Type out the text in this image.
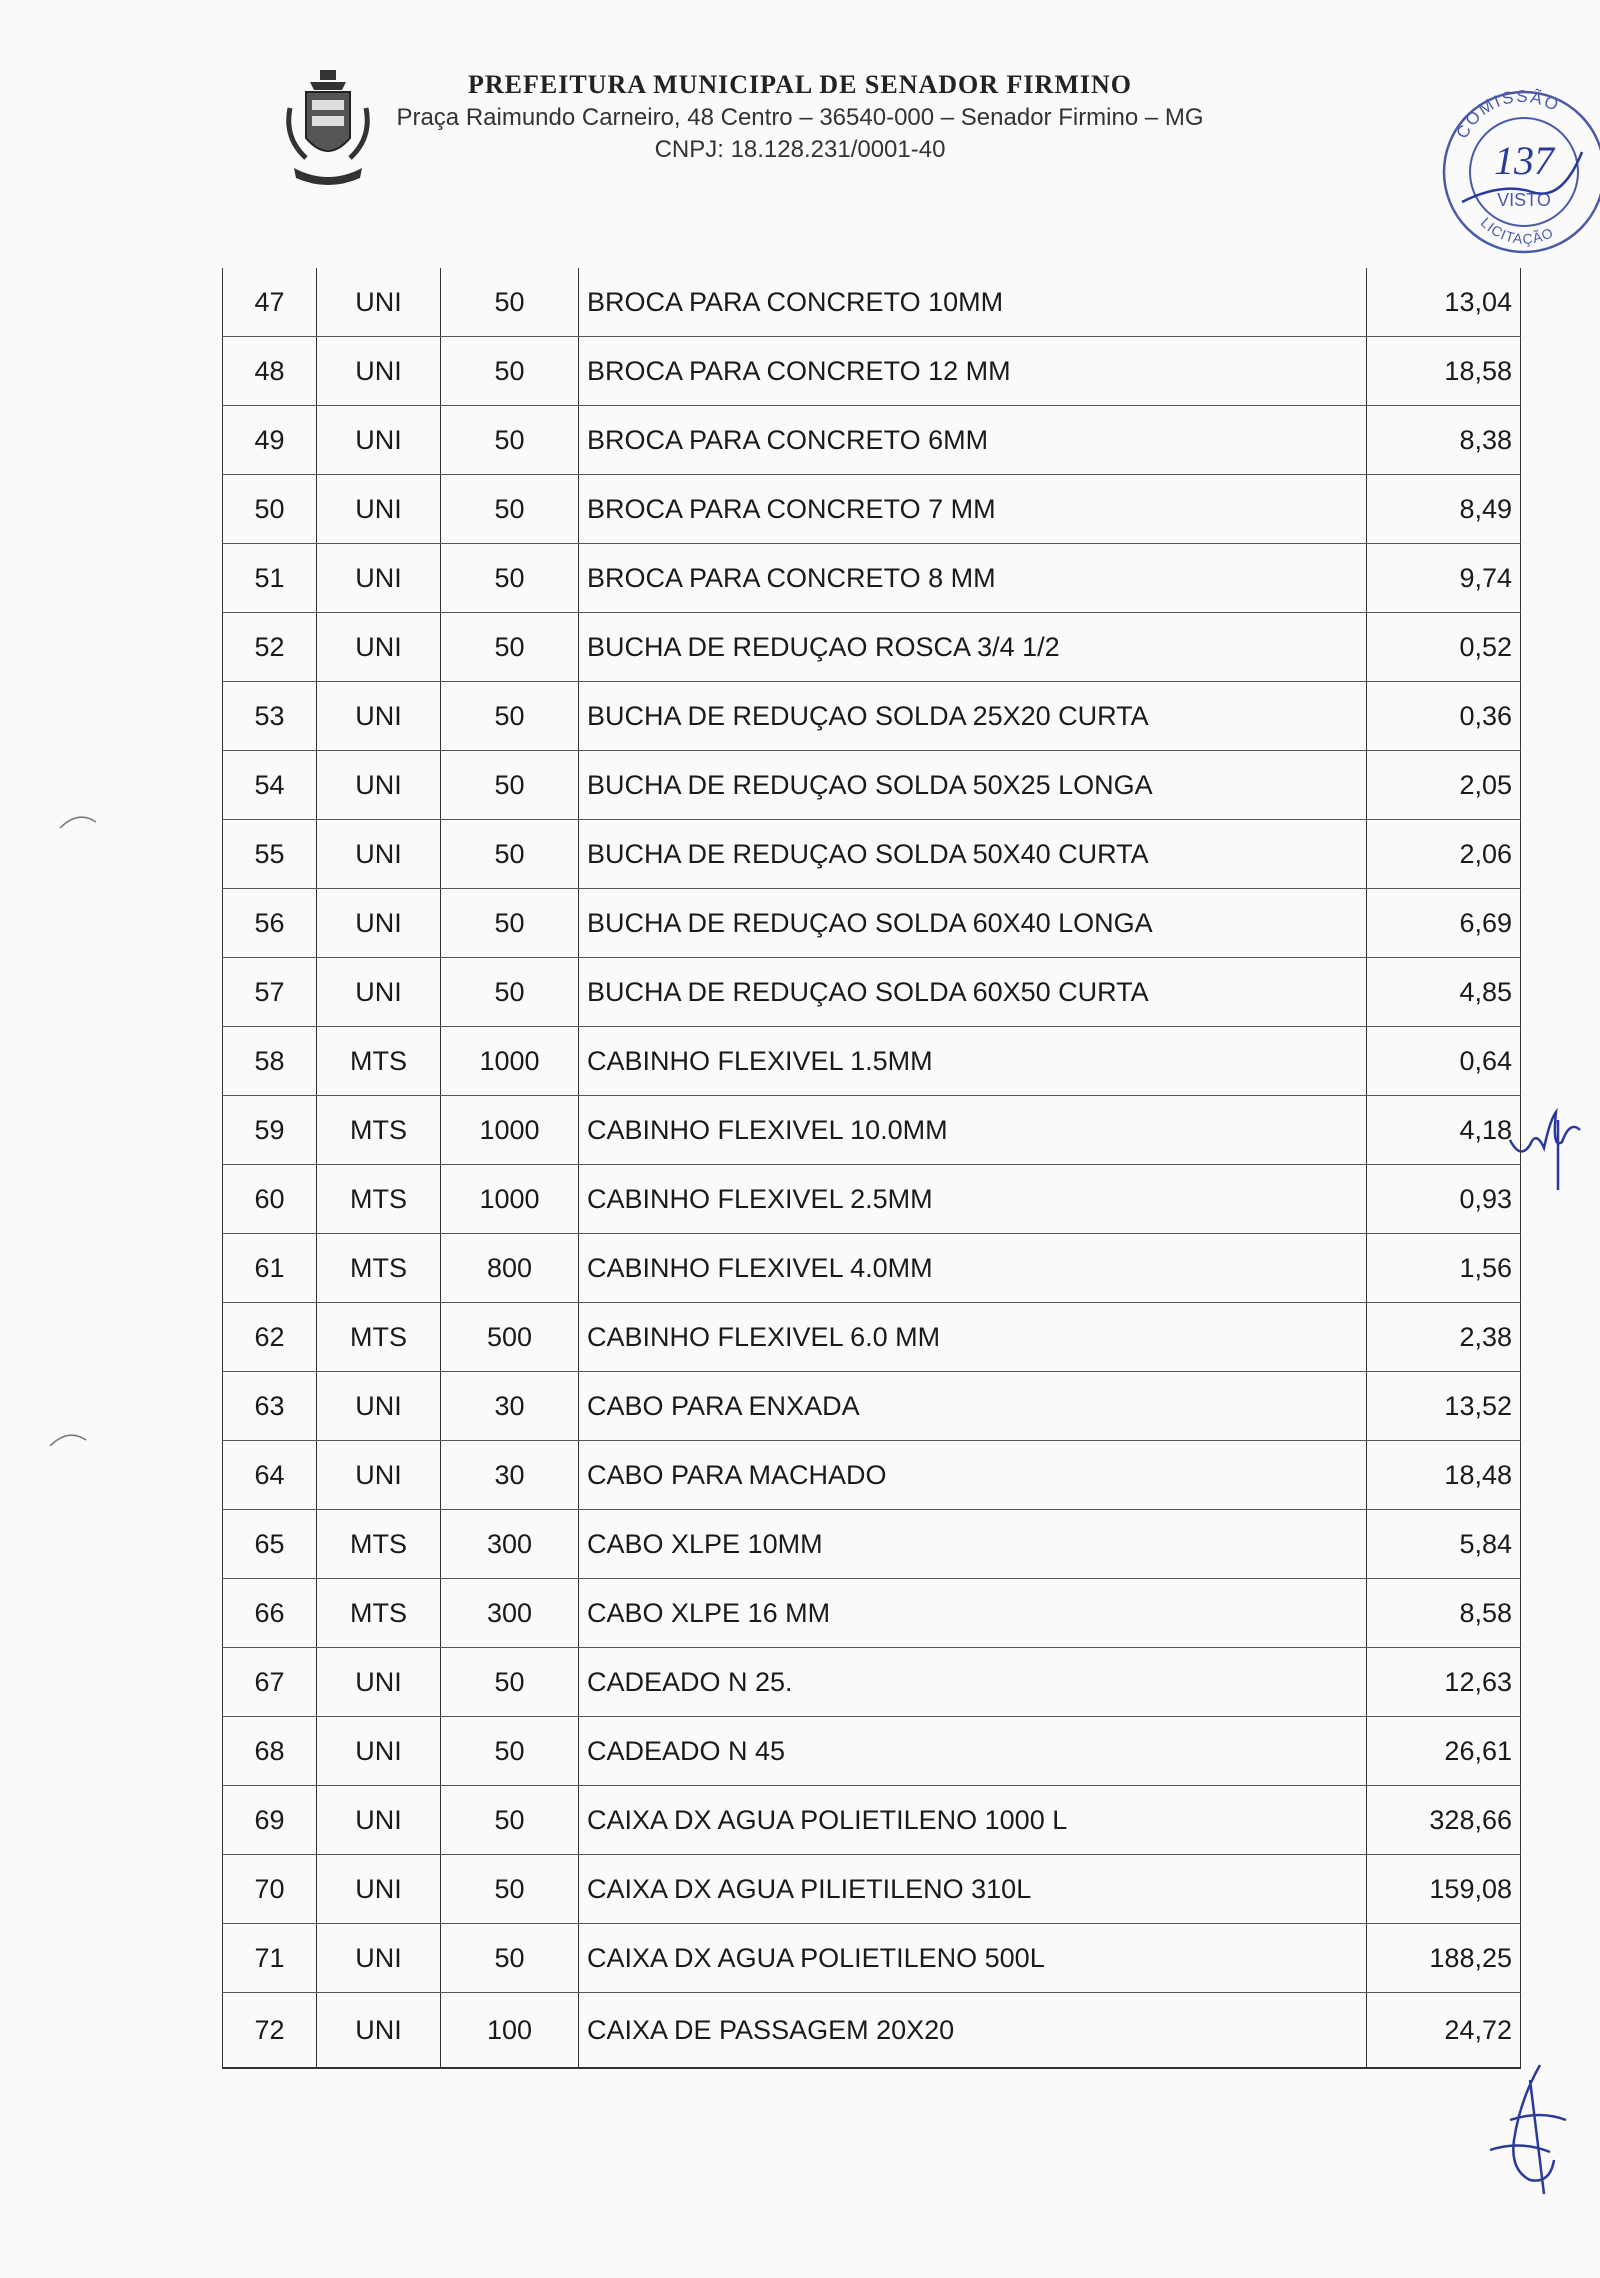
PREFEITURA MUNICIPAL DE SENADOR FIRMINO
Praça Raimundo Carneiro, 48 Centro – 36540-000 – Senador Firmino – MG
CNPJ: 18.128.231/0001-40
COMISSÃO
137
VISTO
LICITAÇÃO
47	UNI	50	BROCA PARA CONCRETO 10MM	13,04
48	UNI	50	BROCA PARA CONCRETO 12 MM	18,58
49	UNI	50	BROCA PARA CONCRETO 6MM	8,38
50	UNI	50	BROCA PARA CONCRETO 7 MM	8,49
51	UNI	50	BROCA PARA CONCRETO 8 MM	9,74
52	UNI	50	BUCHA DE REDUÇAO ROSCA 3/4 1/2	0,52
53	UNI	50	BUCHA DE REDUÇAO SOLDA 25X20 CURTA	0,36
54	UNI	50	BUCHA DE REDUÇAO SOLDA 50X25 LONGA	2,05
55	UNI	50	BUCHA DE REDUÇAO SOLDA 50X40 CURTA	2,06
56	UNI	50	BUCHA DE REDUÇAO SOLDA 60X40 LONGA	6,69
57	UNI	50	BUCHA DE REDUÇAO SOLDA 60X50 CURTA	4,85
58	MTS	1000	CABINHO FLEXIVEL 1.5MM	0,64
59	MTS	1000	CABINHO FLEXIVEL 10.0MM	4,18
60	MTS	1000	CABINHO FLEXIVEL 2.5MM	0,93
61	MTS	800	CABINHO FLEXIVEL 4.0MM	1,56
62	MTS	500	CABINHO FLEXIVEL 6.0 MM	2,38
63	UNI	30	CABO PARA ENXADA	13,52
64	UNI	30	CABO PARA MACHADO	18,48
65	MTS	300	CABO XLPE 10MM	5,84
66	MTS	300	CABO XLPE 16 MM	8,58
67	UNI	50	CADEADO N 25.	12,63
68	UNI	50	CADEADO N 45	26,61
69	UNI	50	CAIXA DX AGUA POLIETILENO 1000 L	328,66
70	UNI	50	CAIXA DX AGUA PILIETILENO 310L	159,08
71	UNI	50	CAIXA DX AGUA POLIETILENO 500L	188,25
72	UNI	100	CAIXA DE PASSAGEM 20X20	24,72
